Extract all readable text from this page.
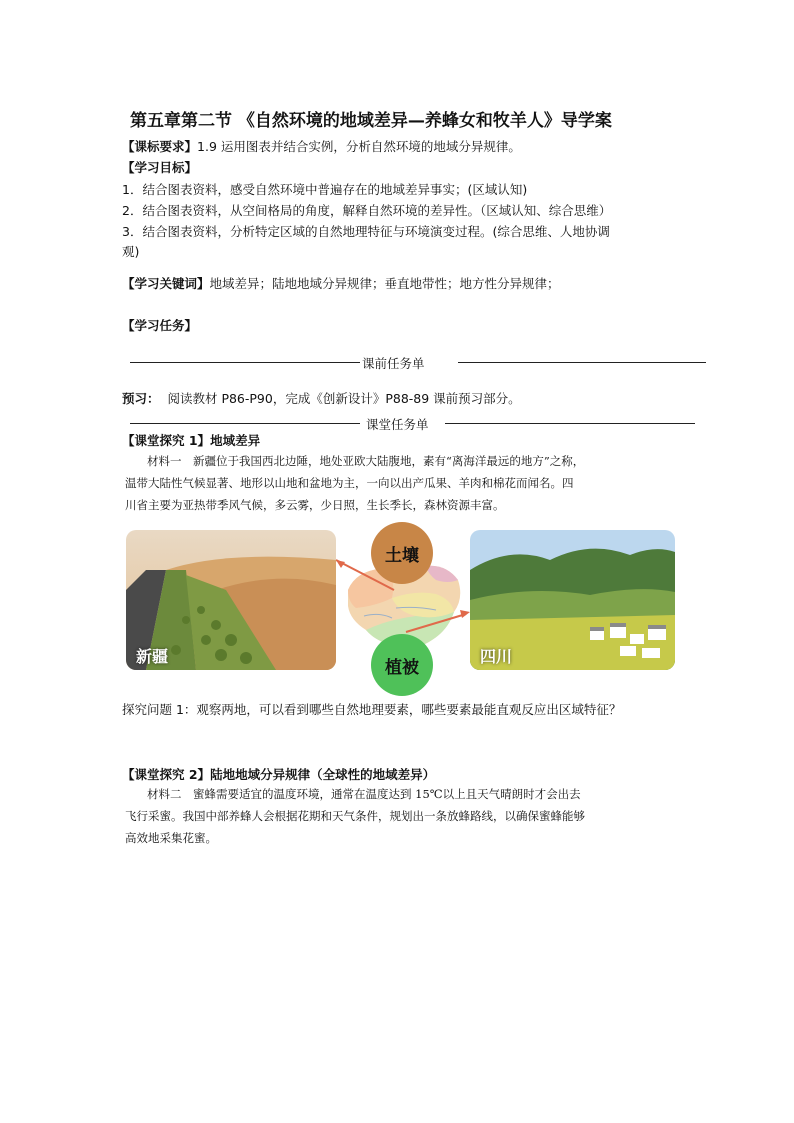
第五章第二节 《自然环境的地域差异—养蜂女和牧羊人》导学案
【课标要求】1.9 运用图表并结合实例，分析自然环境的地域分异规律。
【学习目标】
1．结合图表资料，感受自然环境中普遍存在的地域差异事实；(区域认知)
2．结合图表资料，从空间格局的角度，解释自然环境的差异性。（区域认知、综合思维）
3．结合图表资料，分析特定区域的自然地理特征与环境演变过程。(综合思维、人地协调
观)
【学习关键词】地域差异；陆地地域分异规律；垂直地带性；地方性分异规律；
【学习任务】
课前任务单
预习： 阅读教材 P86-P90，完成《创新设计》P88-89 课前预习部分。
课堂任务单
【课堂探究 1】地域差异
材料一　新疆位于我国西北边陲，地处亚欧大陆腹地，素有“离海洋最远的地方”之称，
温带大陆性气候显著、地形以山地和盆地为主，一向以出产瓜果、羊肉和棉花而闻名。四
川省主要为亚热带季风气候，多云雾，少日照，生长季长，森林资源丰富。
新疆	四川
土壤
植被
探究问题 1：观察两地，可以看到哪些自然地理要素，哪些要素最能直观反应出区域特征？
【课堂探究 2】陆地地域分异规律（全球性的地域差异）
材料二　蜜蜂需要适宜的温度环境，通常在温度达到 15℃以上且天气晴朗时才会出去
飞行采蜜。我国中部养蜂人会根据花期和天气条件，规划出一条放蜂路线，以确保蜜蜂能够
高效地采集花蜜。
